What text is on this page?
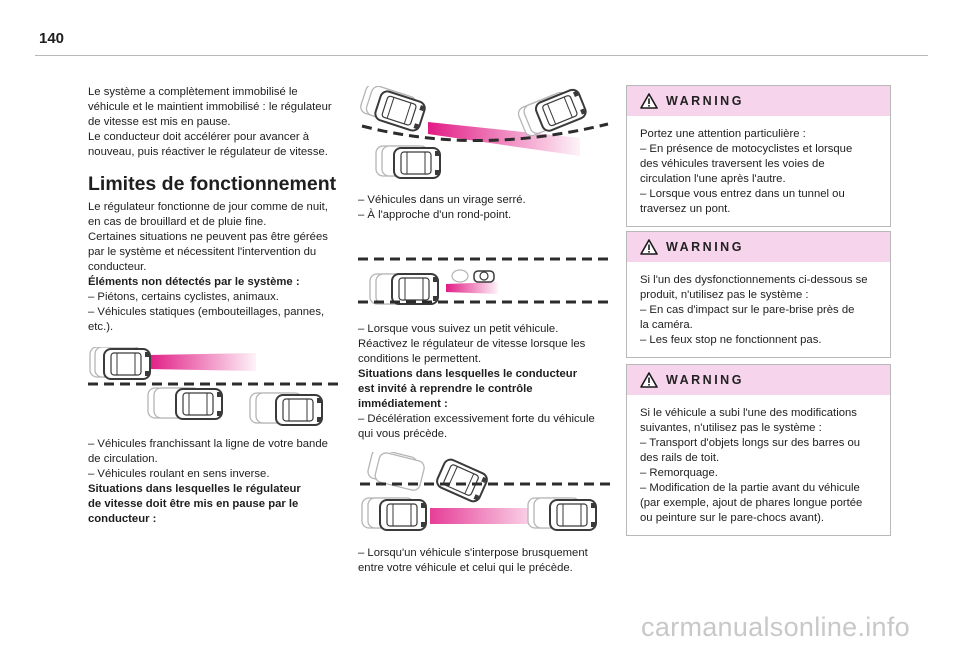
140

Le système a complètement immobilisé le
véhicule et le maintient immobilisé : le régulateur
de vitesse est mis en pause.
Le conducteur doit accélérer pour avancer à
nouveau, puis réactiver le régulateur de vitesse.

Limites de fonctionnement

Le régulateur fonctionne de jour comme de nuit,
en cas de brouillard et de pluie fine.
Certaines situations ne peuvent pas être gérées
par le système et nécessitent l'intervention du
conducteur.
Éléments non détectés par le système :
– Piétons, certains cyclistes, animaux.
– Véhicules statiques (embouteillages, pannes,
etc.).

– Véhicules franchissant la ligne de votre bande
de circulation.
– Véhicules roulant en sens inverse.
Situations dans lesquelles le régulateur
de vitesse doit être mis en pause par le
conducteur :

– Véhicules dans un virage serré.
– À l'approche d'un rond-point.

– Lorsque vous suivez un petit véhicule.
Réactivez le régulateur de vitesse lorsque les
conditions le permettent.
Situations dans lesquelles le conducteur
est invité à reprendre le contrôle
immédiatement :
– Décélération excessivement forte du véhicule
qui vous précède.

– Lorsqu'un véhicule s'interpose brusquement
entre votre véhicule et celui qui le précède.

WARNING
Portez une attention particulière :
– En présence de motocyclistes et lorsque
des véhicules traversent les voies de
circulation l'une après l'autre.
– Lorsque vous entrez dans un tunnel ou
traversez un pont.
WARNING
Si l'un des dysfonctionnements ci-dessous se
produit, n'utilisez pas le système :
– En cas d'impact sur le pare-brise près de
la caméra.
– Les feux stop ne fonctionnent pas.
WARNING
Si le véhicule a subi l'une des modifications
suivantes, n'utilisez pas le système :
– Transport d'objets longs sur des barres ou
des rails de toit.
– Remorquage.
– Modification de la partie avant du véhicule
(par exemple, ajout de phares longue portée
ou peinture sur le pare-chocs avant).
carmanualsonline.info
